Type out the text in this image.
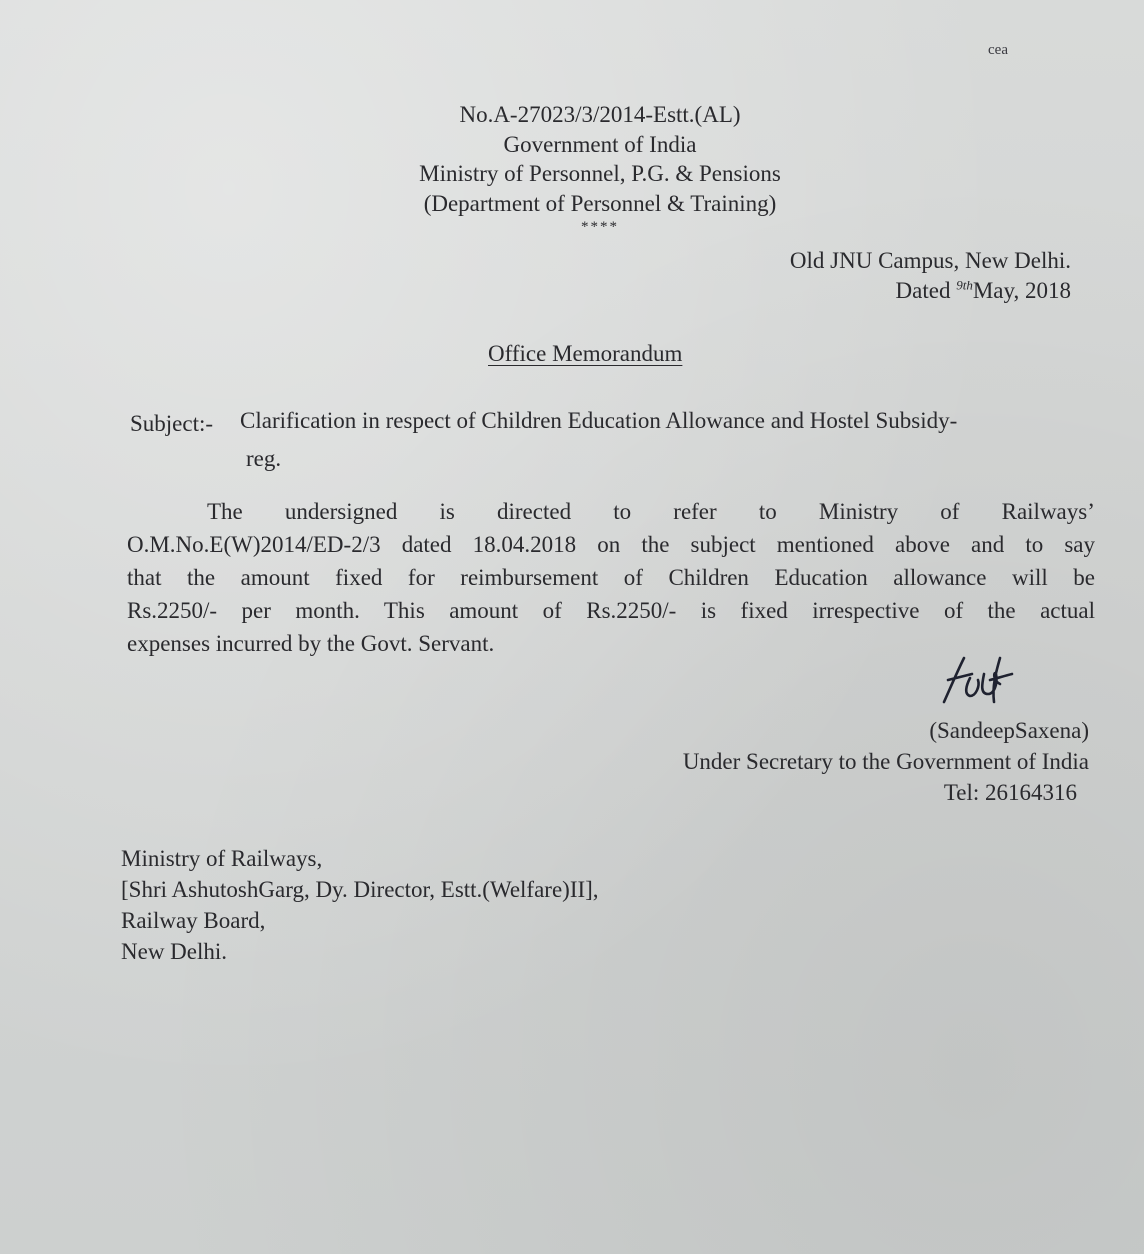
cea
No.A-27023/3/2014-Estt.(AL)
Government of India
Ministry of Personnel, P.G. & Pensions
(Department of Personnel & Training)
****
Old JNU Campus, New Delhi.
Dated $^{9th}$May, 2018
Office Memorandum
Subject:- Clarification in respect of Children Education Allowance and Hostel Subsidy-
reg.
The undersigned is directed to refer to Ministry of Railways’
O.M.No.E(W)2014/ED-2/3 dated 18.04.2018 on the subject mentioned above and to say
that the amount fixed for reimbursement of Children Education allowance will be
Rs.2250/- per month. This amount of Rs.2250/- is fixed irrespective of the actual
expenses incurred by the Govt. Servant.
(SandeepSaxena)
Under Secretary to the Government of India
Tel: 26164316
Ministry of Railways,
[Shri AshutoshGarg, Dy. Director, Estt.(Welfare)II],
Railway Board,
New Delhi.
